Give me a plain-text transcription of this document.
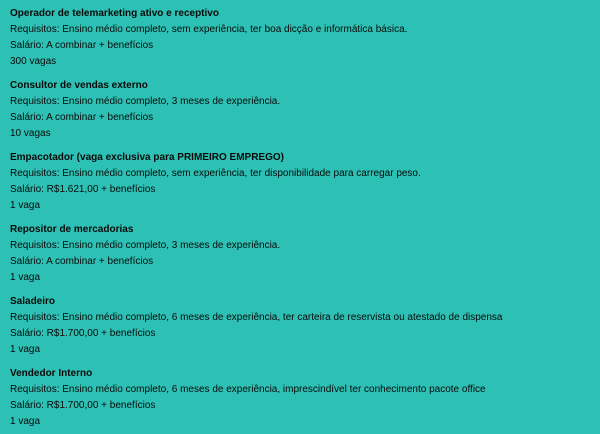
Operador de telemarketing ativo e receptivo
Requisitos: Ensino médio completo, sem experiência, ter boa dicção e informática básica.
Salário: A combinar + benefícios
300 vagas
Consultor de vendas externo
Requisitos: Ensino médio completo, 3 meses de experiência.
Salário: A combinar + benefícios
10 vagas
Empacotador (vaga exclusiva para PRIMEIRO EMPREGO)
Requisitos: Ensino médio completo, sem experiência, ter disponibilidade para carregar peso.
Salário: R$1.621,00 + benefícios
1 vaga
Repositor de mercadorias
Requisitos: Ensino médio completo, 3 meses de experiência.
Salário: A combinar + benefícios
1 vaga
Saladeiro
Requisitos: Ensino médio completo, 6 meses de experiência, ter carteira de reservista ou atestado de dispensa
Salário: R$1.700,00 + benefícios
1 vaga
Vendedor Interno
Requisitos: Ensino médio completo, 6 meses de experiência, imprescindível ter conhecimento pacote office
Salário: R$1.700,00 + benefícios
1 vaga
